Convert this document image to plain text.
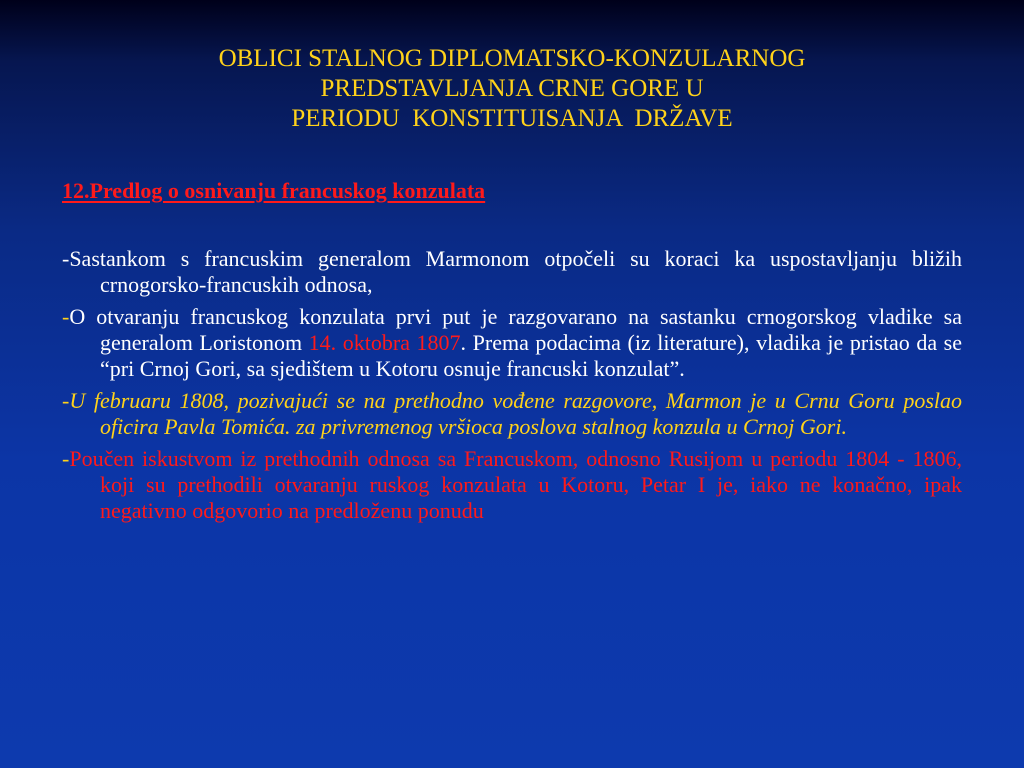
OBLICI STALNOG DIPLOMATSKO-KONZULARNOG
PREDSTAVLJANJA CRNE GORE U
PERIODU  KONSTITUISANJA  DRŽAVE
12.Predlog o osnivanju francuskog konzulata
-Sastankom s francuskim generalom Marmonom otpočeli su koraci ka uspostavljanju bližih crnogorsko-francuskih odnosa,
-O otvaranju francuskog konzulata prvi put je razgovarano na sastanku crnogorskog vladike sa generalom Loristonom 14. oktobra 1807. Prema podacima (iz literature), vladika je pristao da se “pri Crnoj Gori, sa sjedištem u Kotoru osnuje francuski konzulat”.
-U februaru 1808, pozivajući se na prethodno vođene razgovore, Marmon je u Crnu Goru poslao oficira Pavla Tomića. za privremenog vršioca poslova stalnog konzula u Crnoj Gori.
-Poučen iskustvom iz prethodnih odnosa sa Francuskom, odnosno Rusijom u periodu 1804 - 1806, koji su prethodili otvaranju ruskog konzulata u Kotoru, Petar I je, iako ne konačno, ipak negativno odgovorio na predloženu ponudu
